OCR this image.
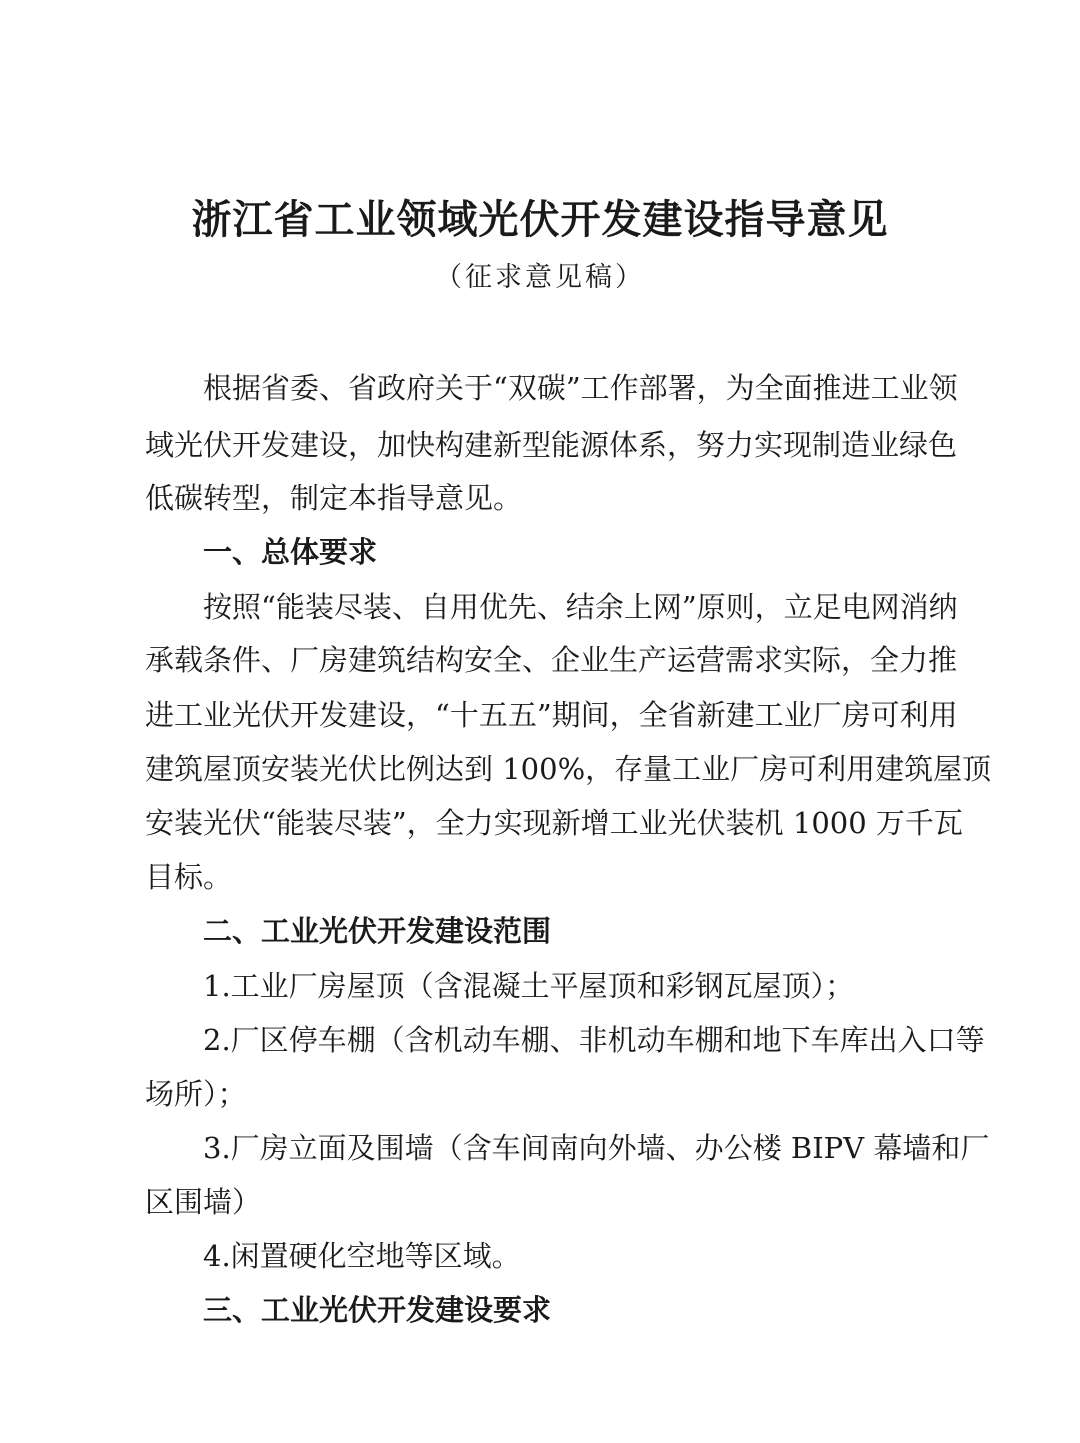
浙江省工业领域光伏开发建设指导意见
（征求意见稿）
根据省委、省政府关于“双碳”工作部署，为全面推进工业领
域光伏开发建设，加快构建新型能源体系，努力实现制造业绿色
低碳转型，制定本指导意见。
一、总体要求
按照“能装尽装、自用优先、结余上网”原则，立足电网消纳
承载条件、厂房建筑结构安全、企业生产运营需求实际，全力推
进工业光伏开发建设，“十五五”期间，全省新建工业厂房可利用
建筑屋顶安装光伏比例达到 100%，存量工业厂房可利用建筑屋顶
安装光伏“能装尽装”，全力实现新增工业光伏装机 1000 万千瓦
目标。
二、工业光伏开发建设范围
1.工业厂房屋顶（含混凝土平屋顶和彩钢瓦屋顶）；
2.厂区停车棚（含机动车棚、非机动车棚和地下车库出入口等
场所）；
3.厂房立面及围墙（含车间南向外墙、办公楼 BIPV 幕墙和厂
区围墙）
4.闲置硬化空地等区域。
三、工业光伏开发建设要求
